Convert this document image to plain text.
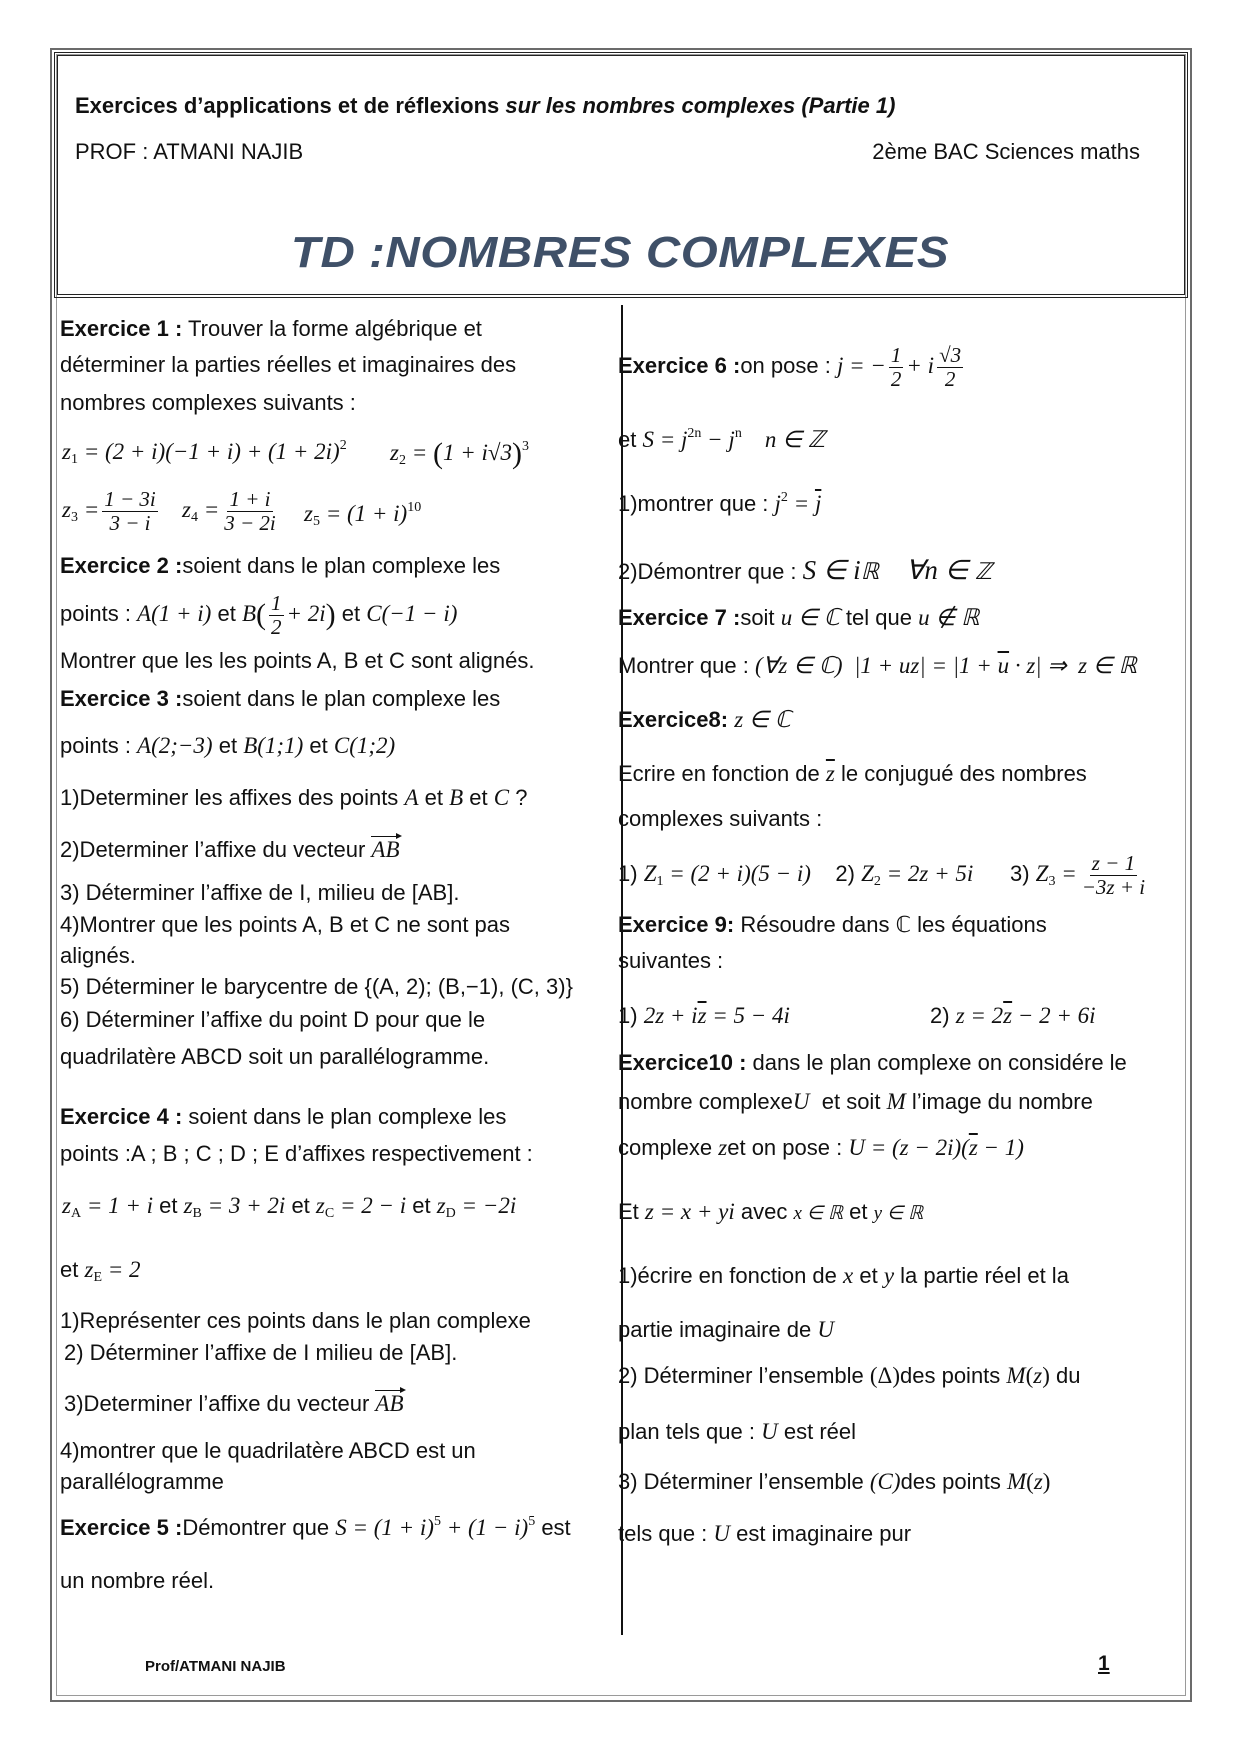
Exercices d’applications et de réflexions sur les nombres complexes (Partie 1)
PROF : ATMANI NAJIB	2ème BAC Sciences maths
TD :NOMBRES COMPLEXES
Exercice 1 : Trouver la forme algébrique et
déterminer la parties réelles et imaginaires des
nombres complexes suivants :
$z_1 = (2 + i)(-1 + i) + (1 + 2i)^2$ $z_2 = (1 + i√3)^3$
$z_3 = \frac{1 - 3i}{3 - i} z_4 = \frac{1 + i}{3 - 2i} z_5 = (1 + i)^{10}$
Exercice 2 :soient dans le plan complexe les
points : A(1 + i) et $B( \frac{1}{2} + 2i)$ et C(−1 − i)
Montrer que les les points A, B et C sont alignés.
Exercice 3 :soient dans le plan complexe les
points : A(2;−3) et B(1;1) et C(1;2)
1)Determiner les affixes des points A et B et C ?
2)Determiner l’affixe du vecteur AB
3) Déterminer l’affixe de I, milieu de [AB].
4)Montrer que les points A, B et C ne sont pas
alignés.
5) Déterminer le barycentre de {(A, 2); (B,−1), (C, 3)}
6) Déterminer l’affixe du point D pour que le
quadrilatère ABCD soit un parallélogramme.
Exercice 4 : soient dans le plan complexe les
points :A ; B ; C ; D ; E d’affixes respectivement :
$z_A = 1 + i$ et $z_B = 3 + 2i$ et $z_C = 2 - i$ et $z_D = -2i$
et $z_E = 2$
1)Représenter ces points dans le plan complexe
2) Déterminer l’affixe de I milieu de [AB].
3)Determiner l’affixe du vecteur AB
4)montrer que le quadrilatère ABCD est un
parallélogramme
Exercice 5 :Démontrer que $S = (1 + i)^5 + (1 - i)^5$ est
un nombre réel.
Exercice 6 :on pose : j = − $\frac{1}{2} + i \frac{√3}{2}$
et $S = j^{2n} - j^n$    n ∈ ℤ
1)montrer que : $j^2 = \overline{j}$
2)Démontrer que : S ∈ iℝ    ∀n ∈ ℤ
Exercice 7 :soit u ∈ ℂ tel que u ∉ ℝ
Montrer que : (∀z ∈ ℂ)  $|1 + uz| = |1 + \overline{u} \cdot z|$ ⇒  z ∈ ℝ
Exercice8: z ∈ ℂ
Ecrire en fonction de $\overline{z}$ le conjugué des nombres
complexes suivants :
1) $Z_1 = (2 + i)(5 - i)$ 2) $Z_2 = 2z + 5i$ 3) $Z_3 = \frac{z - 1}{-3z + i}$
Exercice 9: Résoudre dans ℂ les équations
suivantes :
1) $2z + i\overline{z} = 5 - 4i$	2) $z = 2\overline{z} - 2 + 6i$
Exercice10 : dans le plan complexe on considére le
nombre complexeU et soit M l’image du nombre
complexe zet on pose : $U = (z - 2i)(\overline{z} - 1)$
Et z = x + yi avec x ∈ ℝ et y ∈ ℝ
1)écrire en fonction de x et y la partie réel et la
partie imaginaire de U
2) Déterminer l’ensemble (Δ)des points M(z) du
plan tels que : U est réel
3) Déterminer l’ensemble (C)des points M(z)
tels que : U est imaginaire pur
Prof/ATMANI NAJIB	1
